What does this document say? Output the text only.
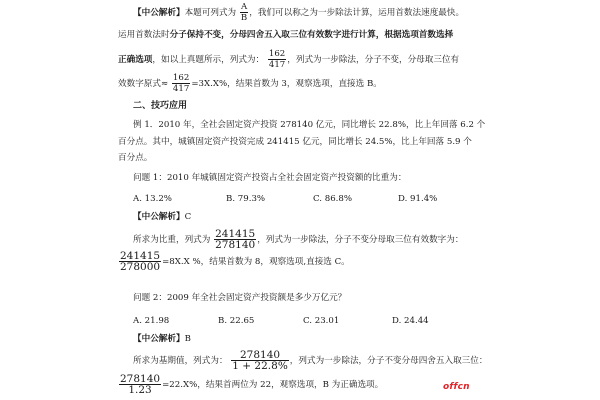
【中公解析】本题可列式为 $\frac{A}{B}$ ，我们可以称之为一步除法计算，运用首数法速度最快。
运用首数法时分子保持不变，分母四舍五入取三位有效数字进行计算，根据选项首数选择
正确选项，如以上真题所示，列式为： $\frac{162}{417}$ ，列式为一步除法，分子不变，分母取三位有
效数字原式≈ $\frac{162}{417} =3X.X\%$，结果首数为 3，观察选项，直接选 B。
二、技巧应用
例 1．2010 年，全社会固定资产投资 278140 亿元，同比增长 22.8%，比上年回落 6.2 个
百分点。其中，城镇固定资产投资完成 241415 亿元，同比增长 24.5%，比上年回落 5.9 个
百分点。
问题 1：2010 年城镇固定资产投资占全社会固定资产投资额的比重为：
A. 13.2%	B. 79.3%	C. 86.8%	D. 91.4%
【中公解析】C
所求为比重，列式为 $\frac{241415}{278140}$ ，列式为一步除法，分子不变分母取三位有效数字为：
$\frac{241415}{278000} =8X.X$ %，结果首数为 8，观察选项,直接选 C。
问题 2：2009 年全社会固定资产投资额是多少万亿元？
A. 21.98	B. 22.65	C. 23.01	D. 24.44
【中公解析】B
所求为基期值，列式为： $\frac{278140}{1 + 22.8\%}$ ，列式为一步除法，分子不变分母四舍五入取三位：
$\frac{278140}{1.23} =22.X\%$，结果首两位为 22，观察选项，B 为正确选项。	offcn
